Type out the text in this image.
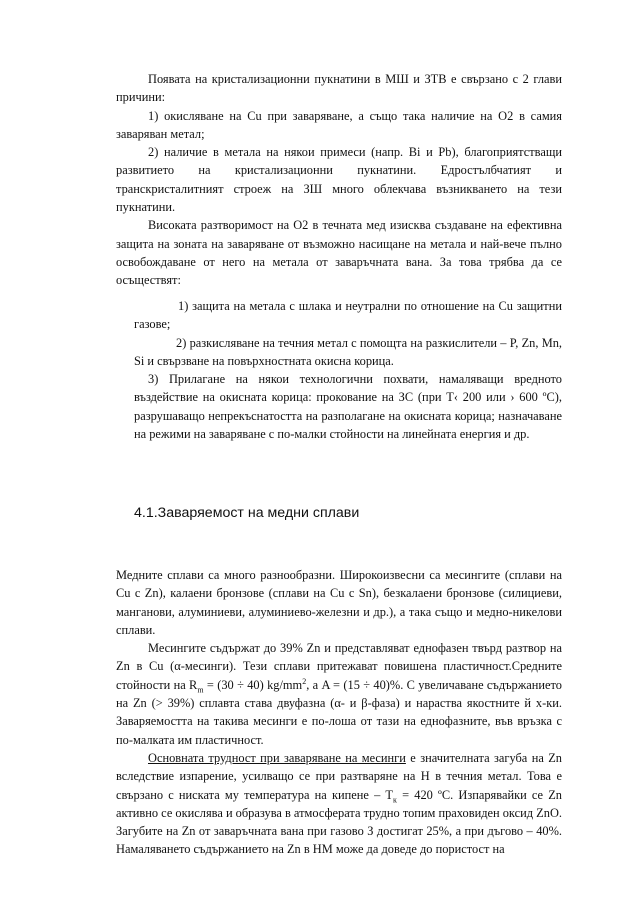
Появата на кристализационни пукнатини в МШ и ЗТВ е свързано с 2 глави причини:

1) окисляване на Cu при заваряване, а също така наличие на O2 в самия заваряван метал;

2) наличие в метала на някои примеси (напр. Bi и Pb), благоприятстващи развитието на кристализационни пукнатини. Едростълбчатият и транскристалитният строеж на ЗШ много облекчава възникването на тези пукнатини.

Високата разтворимост на O2 в течната мед изисква създаване на ефективна защита на зоната на заваряване от възможно насищане на метала и най-вече пълно освобождаване от него на метала от заваръчната вана. За това трябва да се осъществят:

1) защита на метала с шлака и неутрални по отношение на Cu защитни газове;

2) разкисляване на течния метал с помощта на разкислители – P, Zn, Mn, Si и свързване на повърхностната окисна корица.

3) Прилагане на някои технологични похвати, намаляващи вредното въздействие на окисната корица: прокование на ЗС (при T‹ 200 или › 600 ºC), разрушаващо непрекъснатостта на разполагане на окисната корица; назначаване на режими на заваряване с по-малки стойности на линейната енергия и др.

4.1.Заваряемост на медни сплави

Медните сплави са много разнообразни. Широкоизвесни са месингите (сплави на Cu с Zn), калаени бронзове (сплави на Cu с Sn), безкалаени бронзове (силициеви, манганови, алуминиеви, алуминиево-железни и др.), а така също и медно-никелови сплави.

Месингите съдържат до 39% Zn и представляват еднофазен твърд разтвор на Zn в Cu (α-месинги). Тези сплави притежават повишена пластичност.Средните стойности на $R_m = (30 \div 40)$ $kg/mm^2$, а A = (15 ÷ 40)%. С увеличаване съдържанието на Zn (> 39%) сплавта става двуфазна (α- и β-фаза) и нараства якостните й х-ки. Заваряемостта на такива месинги е по-лоша от тази на еднофазните, във връзка с по-малката им пластичност.

Основната трудност при заваряване на месинги е значителната загуба на Zn вследствие изпарение, усилващо се при разтваряне на H в течния метал. Това е свързано с ниската му температура на кипене – $T_к = 420$ ºC. Изпарявайки се Zn активно се окислява и образува в атмосферата трудно топим праховиден оксид ZnO. Загубите на Zn от заваръчната вана при газово З достигат 25%, а при дъгово – 40%. Намаляването съдържанието на Zn в НМ може да доведе до пористост на
